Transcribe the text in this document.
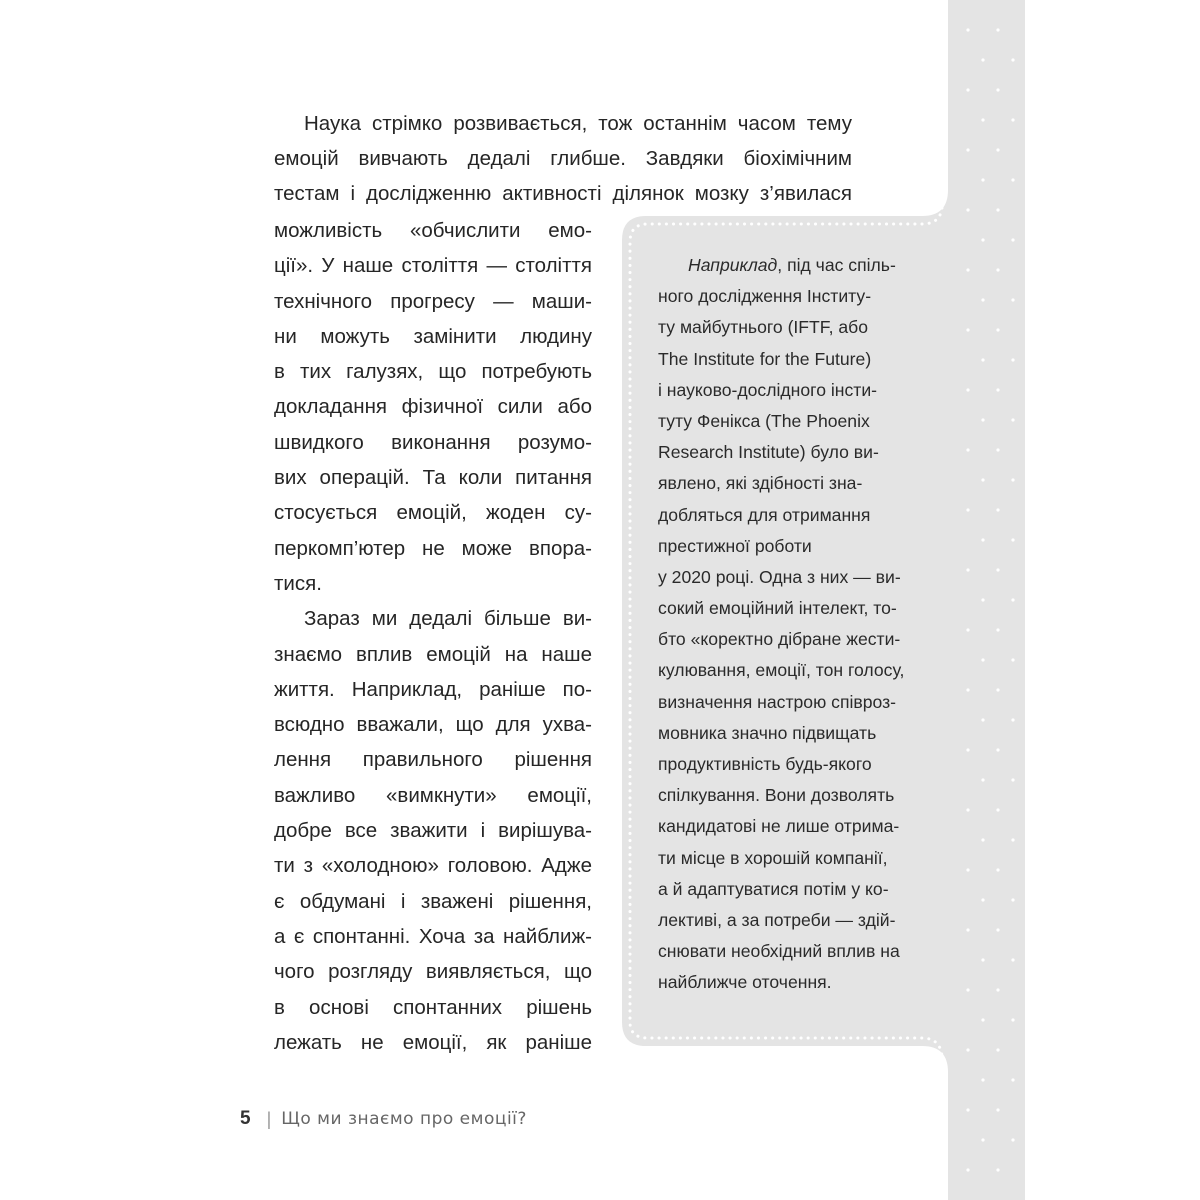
Наука стрімко розвивається, тож останнім часом тему

емоцій вивчають дедалі глибше. Завдяки біохімічним

тестам і дослідженню активності ділянок мозку з’явилася

можливість «обчислити емо-
ції». У наше століття — століття
технічного прогресу — маши-
ни можуть замінити людину
в тих галузях, що потребують
докладання фізичної сили або
швидкого виконання розумо-
вих операцій. Та коли питання
стосується емоцій, жоден су-
перкомп’ютер не може впора-
тися.
Зараз ми дедалі більше ви-
знаємо вплив емоцій на наше
життя. Наприклад, раніше по-
всюдно вважали, що для ухва-
лення правильного рішення
важливо «вимкнути» емоції,
добре все зважити і вирішува-
ти з «холодною» головою. Адже
є обдумані і зважені рішення,
а є спонтанні. Хоча за найближ-
чого розгляду виявляється, що
в основі спонтанних рішень
лежать не емоції, як раніше
Наприклад, під час спіль-
ного дослідження Інститу-
ту майбутнього (IFTF, або
The Institute for the Future)
і науково-дослідного інсти-
туту Фенікса (The Phoenix
Research Institute) було ви-
явлено, які здібності зна-
добляться для отримання
престижної роботи
у 2020 році. Одна з них — ви-
сокий емоційний інтелект, то-
бто «коректно дібране жести-
кулювання, емоції, тон голосу,
визначення настрою співроз-
мовника значно підвищать
продуктивність будь-якого
спілкування. Вони дозволять
кандидатові не лише отрима-
ти місце в хорошій компанії,
а й адаптуватися потім у ко-
лективі, а за потреби — здій-
снювати необхідний вплив на
найближче оточення.
5 | Що ми знаємо про емоції?
